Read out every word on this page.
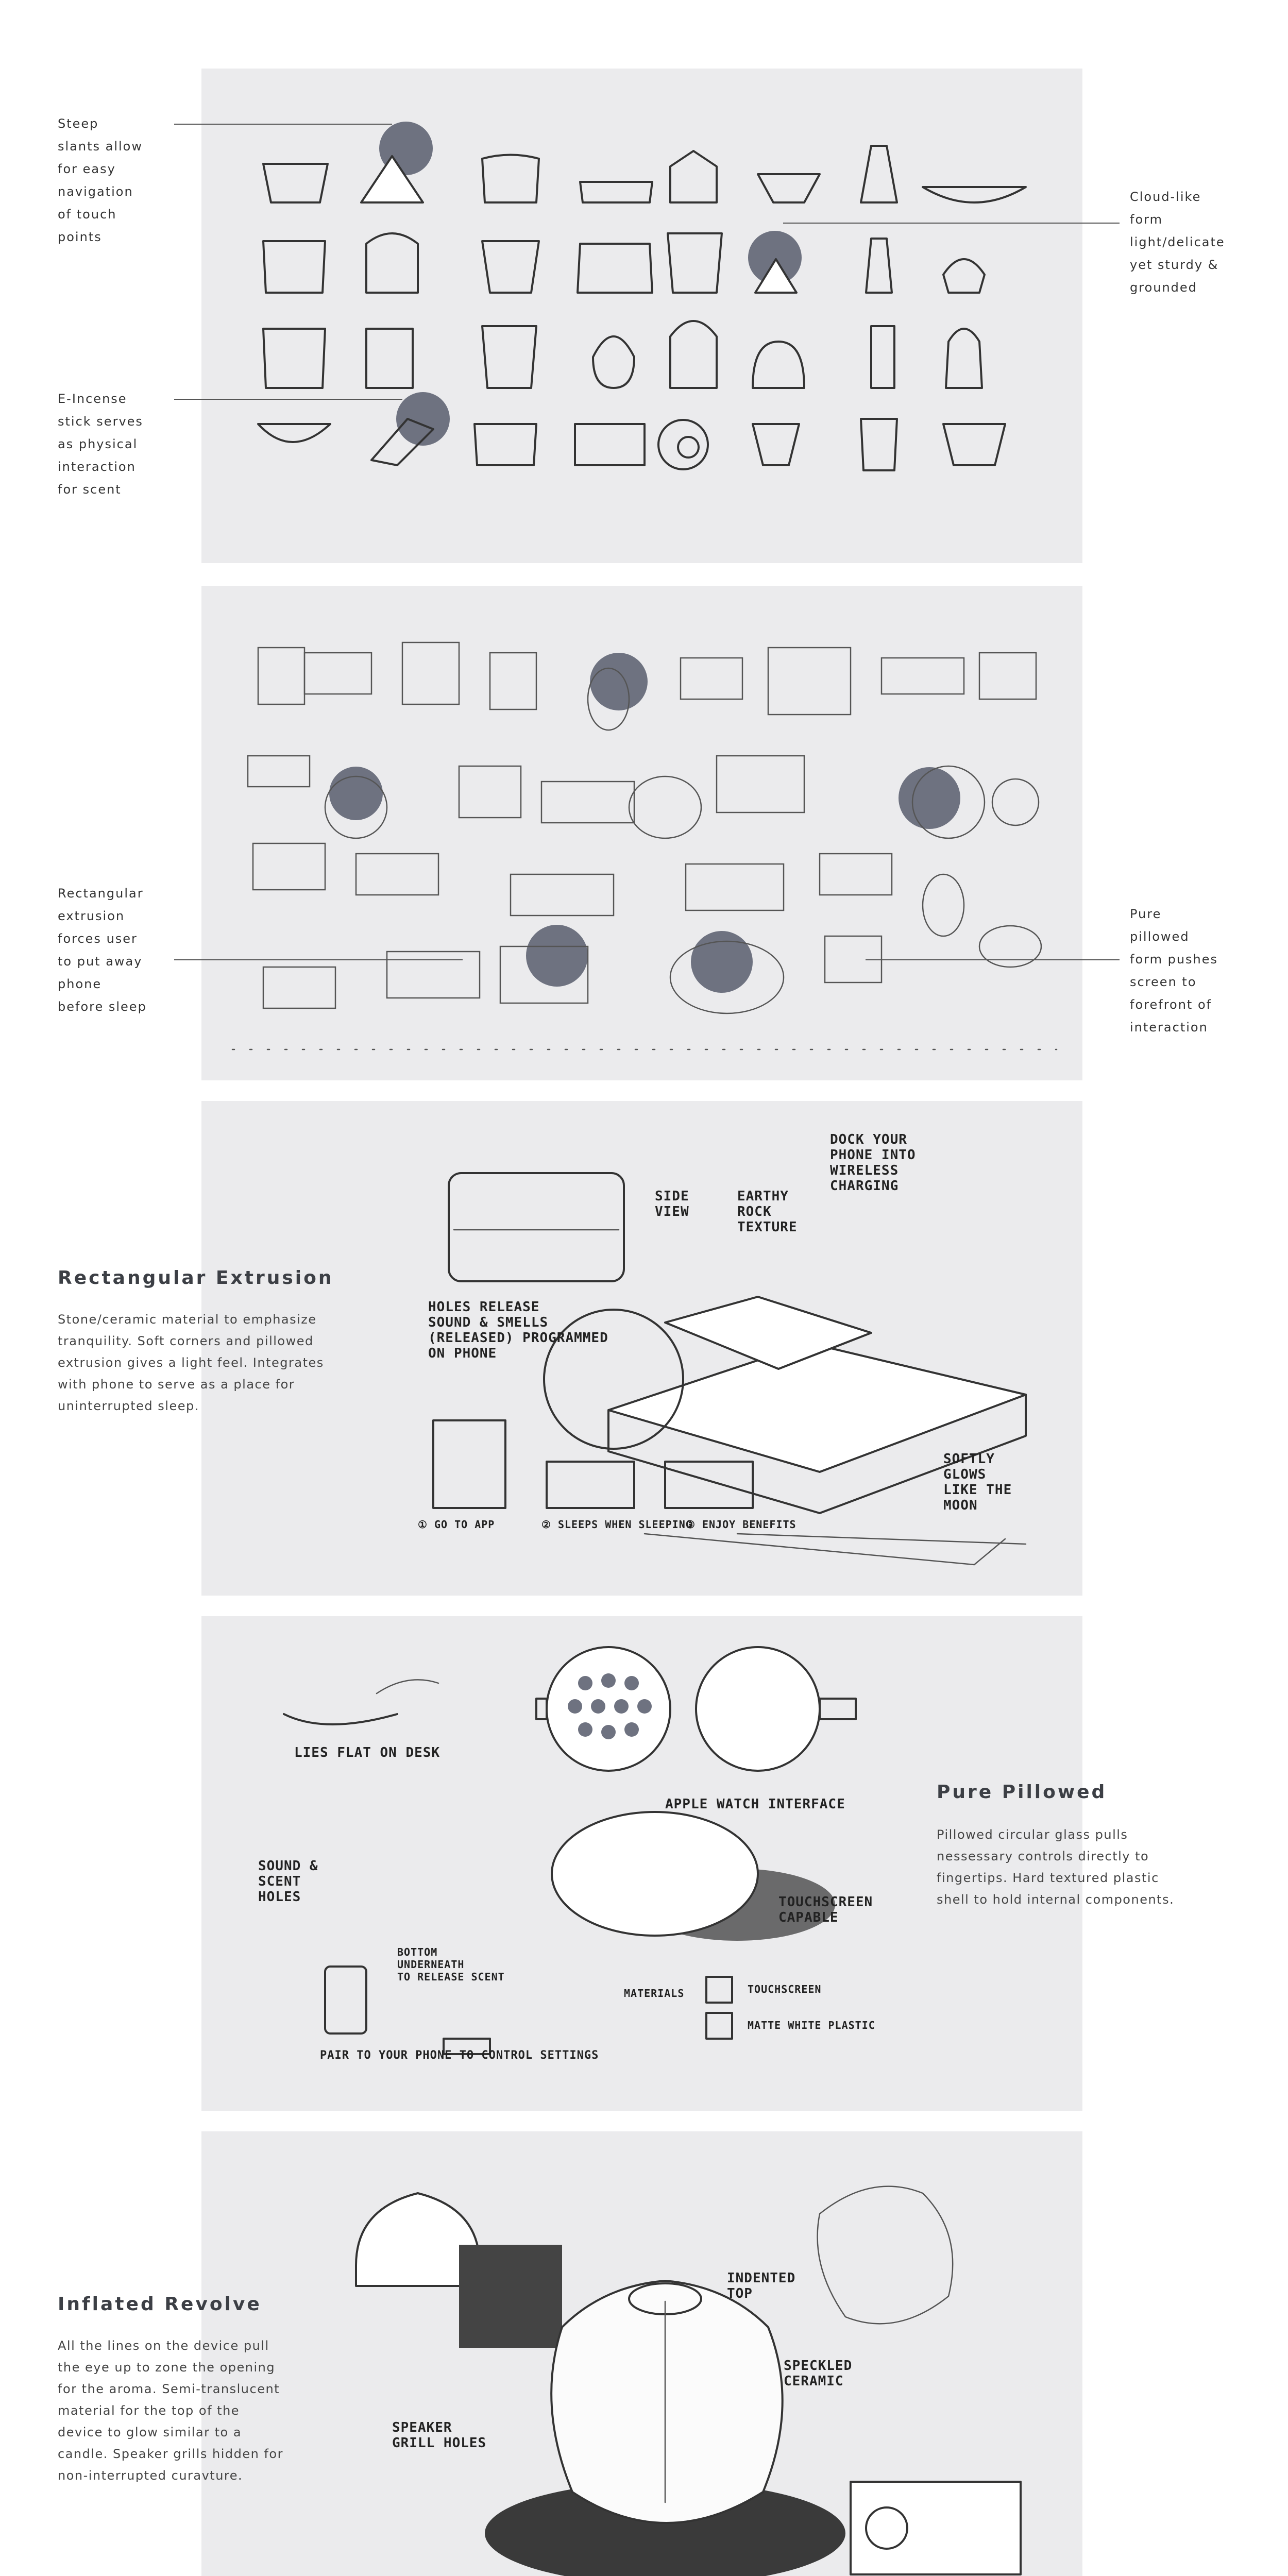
Steep
slants allow
for easy
navigation
of touch
points

Cloud-like
form
light/delicate
yet sturdy &
grounded

E-Incense
stick serves
as physical
interaction
for scent

Rectangular
extrusion
forces user
to put away
phone
before sleep

Pure
pillowed
form pushes
screen to
forefront of
interaction

DOCK YOUR
PHONE INTO
WIRELESS
CHARGING

SIDE
VIEW

EARTHY
ROCK
TEXTURE

HOLES RELEASE
SOUND & SMELLS
(RELEASED) PROGRAMMED
ON PHONE

SOFTLY
GLOWS
LIKE THE
MOON

① GO TO APP	② SLEEPS WHEN SLEEPING

③ ENJOY BENEFITS

Rectangular Extrusion

Stone/ceramic material to emphasize
tranquility. Soft corners and pillowed
extrusion gives a light feel. Integrates
with phone to serve as a place for
uninterrupted sleep.

LIES FLAT ON DESK

APPLE WATCH INTERFACE

SOUND &
SCENT
HOLES	TOUCHSCREEN
CAPABLE

BOTTOM
UNDERNEATH
TO RELEASE SCENT

MATERIALS	TOUCHSCREEN

MATTE WHITE PLASTIC

PAIR TO YOUR PHONE TO CONTROL SETTINGS

Pure Pillowed

Pillowed circular glass pulls
nessessary controls directly to
fingertips. Hard textured plastic
shell to hold internal components.

INDENTED
TOP

SPECKLED
CERAMIC

SPEAKER
GRILL HOLES

Inflated Revolve

All the lines on the device pull
the eye up to zone the opening
for the aroma. Semi-translucent
material for the top of the
device to glow similar to a
candle. Speaker grills hidden for
non-interrupted curavture.
